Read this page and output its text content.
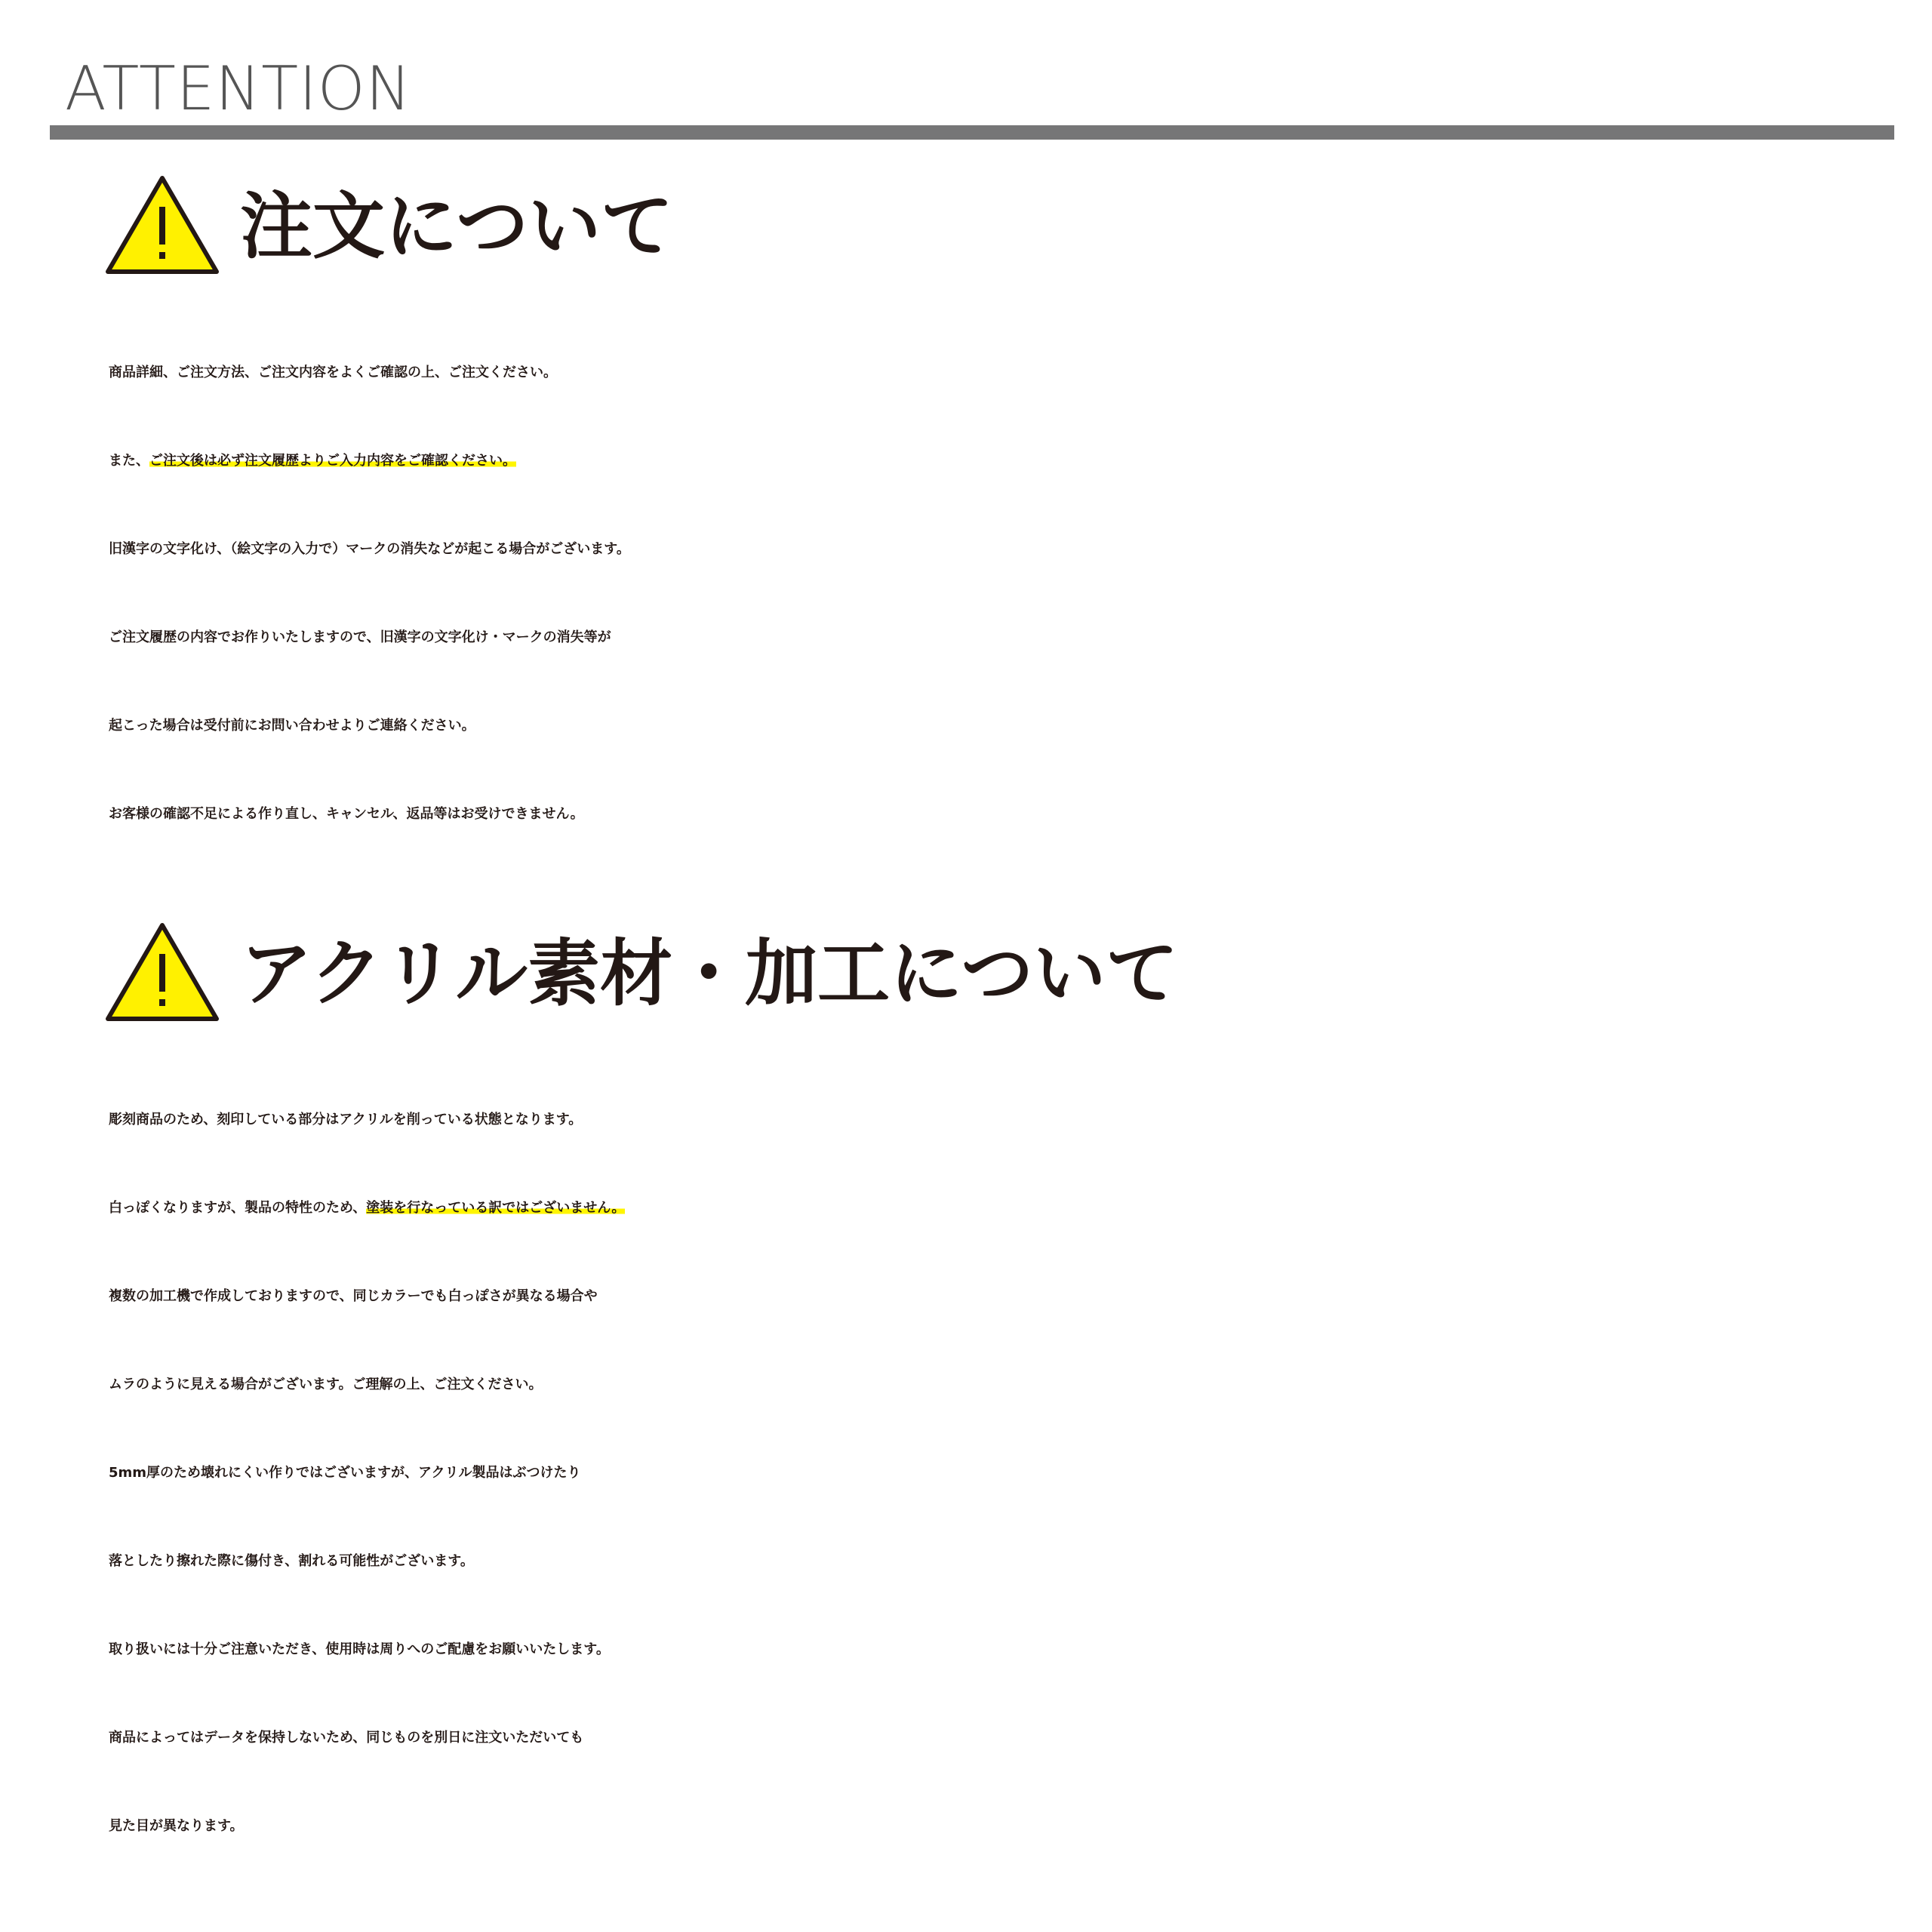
ATTENTION
注文について
商品詳細、ご注文方法、ご注文内容をよくご確認の上、ご注文ください。
また、ご注文後は必ず注文履歴よりご入力内容をご確認ください。
旧漢字の文字化け、（絵文字の入力で）マークの消失などが起こる場合がございます。
ご注文履歴の内容でお作りいたしますので、旧漢字の文字化け・マークの消失等が
起こった場合は受付前にお問い合わせよりご連絡ください。
お客様の確認不足による作り直し、キャンセル、返品等はお受けできません。
アクリル素材・加工について
彫刻商品のため、刻印している部分はアクリルを削っている状態となります。
白っぽくなりますが、製品の特性のため、塗装を行なっている訳ではございません。
複数の加工機で作成しておりますので、同じカラーでも白っぽさが異なる場合や
ムラのように見える場合がございます。ご理解の上、ご注文ください。
5mm厚のため壊れにくい作りではございますが、アクリル製品はぶつけたり
落としたり擦れた際に傷付き、割れる可能性がございます。
取り扱いには十分ご注意いただき、使用時は周りへのご配慮をお願いいたします。
商品によってはデータを保持しないため、同じものを別日に注文いただいても
見た目が異なります。
